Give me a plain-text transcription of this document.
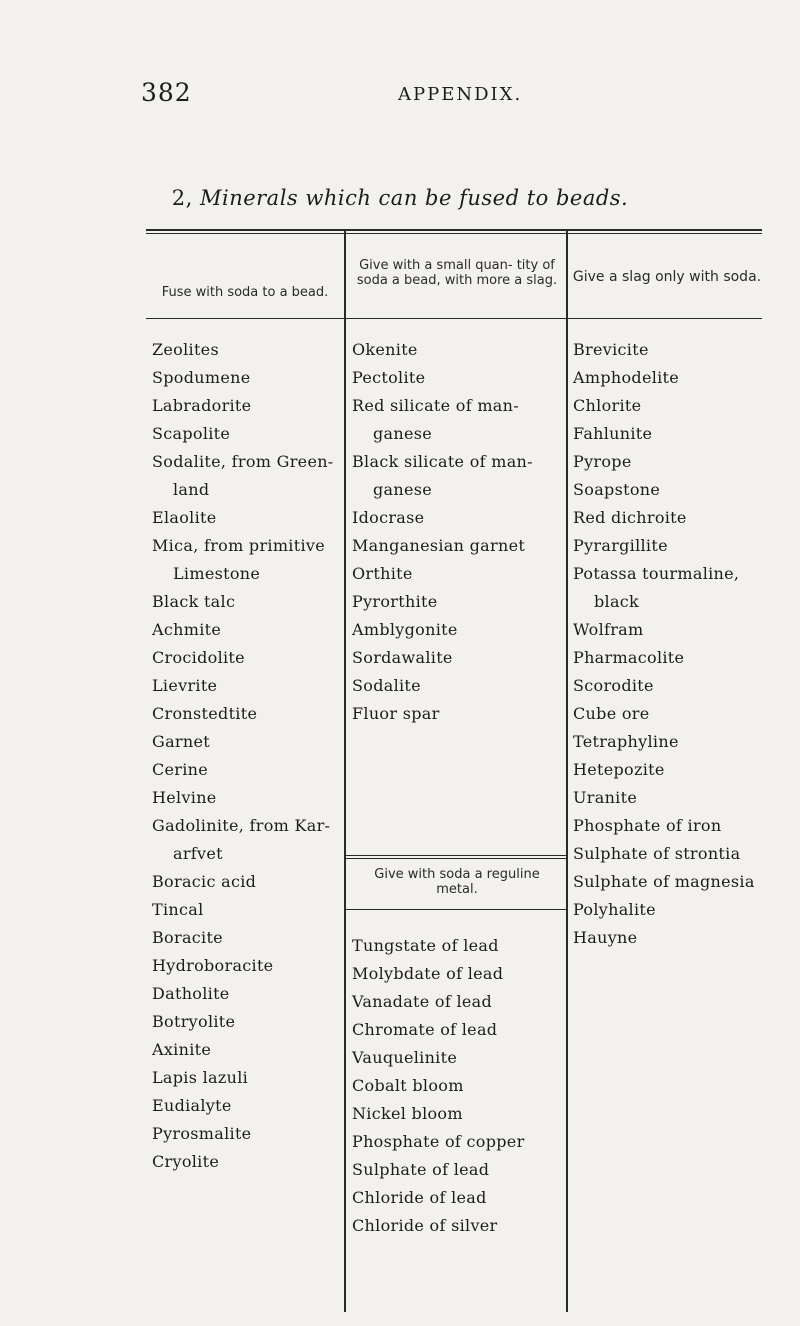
382	APPENDIX.
2, Minerals which can be fused to beads.
Fuse with soda to a bead.
Give with a small quan- tity of soda a bead, with more a slag.	Give a slag only with soda.
Give with soda a reguline metal.
Zeolites
Spodumene
Labradorite
Scapolite
Sodalite, from Green-
land
Elaolite
Mica, from primitive
Limestone
Black talc
Achmite
Crocidolite
Lievrite
Cronstedtite
Garnet
Cerine
Helvine
Gadolinite, from Kar-
arfvet
Boracic acid
Tincal
Boracite
Hydroboracite
Datholite
Botryolite
Axinite
Lapis lazuli
Eudialyte
Pyrosmalite
Cryolite
Okenite
Pectolite
Red silicate of man-
ganese
Black silicate of man-
ganese
Idocrase
Manganesian garnet
Orthite
Pyrorthite
Amblygonite
Sordawalite
Sodalite
Fluor spar
Tungstate of lead
Molybdate of lead
Vanadate of lead
Chromate of lead
Vauquelinite
Cobalt bloom
Nickel bloom
Phosphate of copper
Sulphate of lead
Chloride of lead
Chloride of silver
Brevicite
Amphodelite
Chlorite
Fahlunite
Pyrope
Soapstone
Red dichroite
Pyrargillite
Potassa tourmaline,
black
Wolfram
Pharmacolite
Scorodite
Cube ore
Tetraphyline
Hetepozite
Uranite
Phosphate of iron
Sulphate of strontia
Sulphate of magnesia
Polyhalite
Hauyne
